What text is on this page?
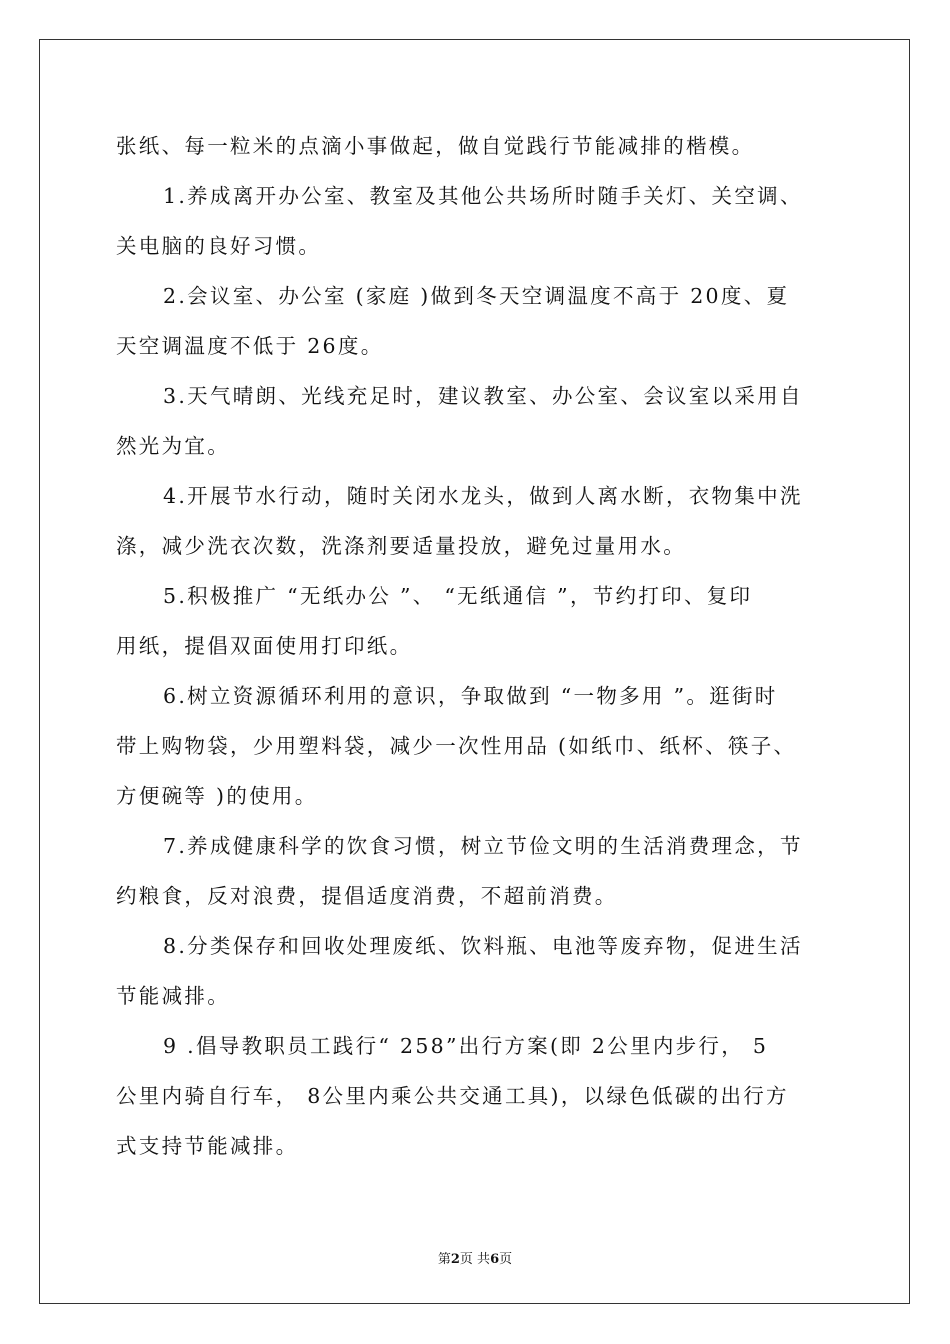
张纸、每一粒米的点滴小事做起，做自觉践行节能减排的楷模。
1.养成离开办公室、教室及其他公共场所时随手关灯、关空调、
关电脑的良好习惯。
2.会议室、办公室 (家庭 )做到冬天空调温度不高于 20度、夏
天空调温度不低于 26度。
3.天气晴朗、光线充足时，建议教室、办公室、会议室以采用自
然光为宜。
4.开展节水行动，随时关闭水龙头，做到人离水断，衣物集中洗
涤，减少洗衣次数，洗涤剂要适量投放，避免过量用水。
5.积极推广 “无纸办公 ”、 “无纸通信 ”，节约打印、复印
用纸，提倡双面使用打印纸。
6.树立资源循环利用的意识，争取做到 “一物多用 ”。逛街时
带上购物袋，少用塑料袋，减少一次性用品 (如纸巾、纸杯、筷子、
方便碗等 )的使用。
7.养成健康科学的饮食习惯，树立节俭文明的生活消费理念，节
约粮食，反对浪费，提倡适度消费，不超前消费。
8.分类保存和回收处理废纸、饮料瓶、电池等废弃物，促进生活
节能减排。
9 .倡导教职员工践行“ 258”出行方案(即 2公里内步行， 5
公里内骑自行车， 8公里内乘公共交通工具)，以绿色低碳的出行方
式支持节能减排。
第2页 共6页
